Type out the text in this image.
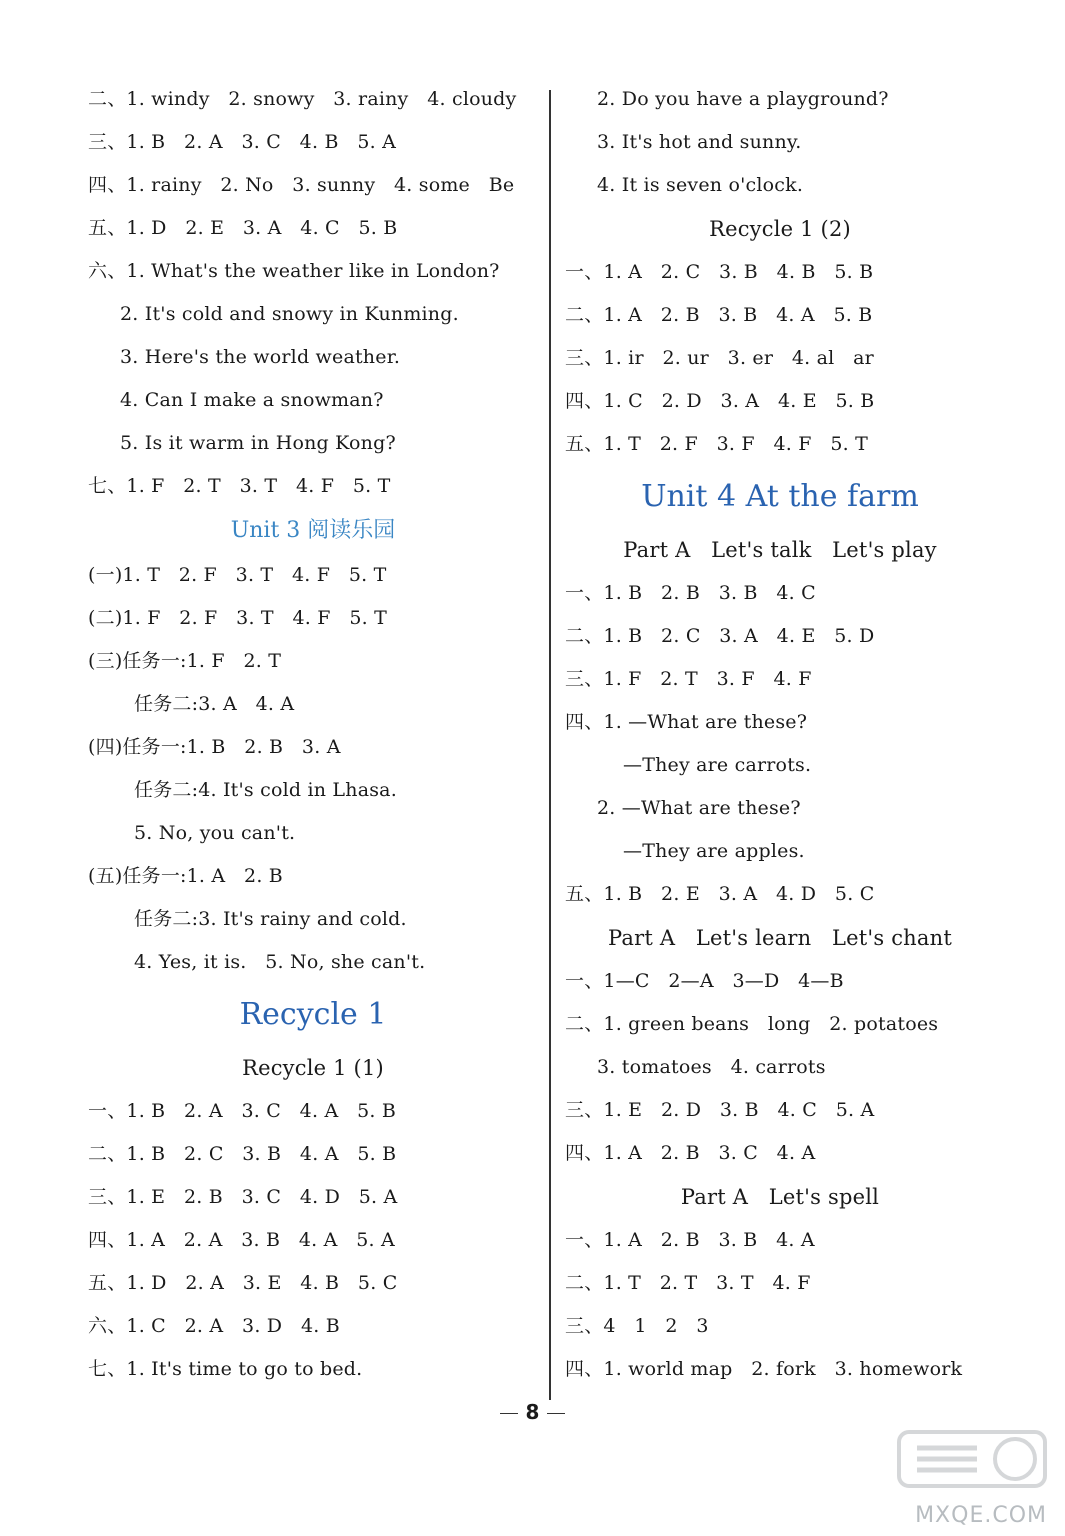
二、1. windy   2. snowy   3. rainy   4. cloudy
三、1. B   2. A   3. C   4. B   5. A
四、1. rainy   2. No   3. sunny   4. some   Be
五、1. D   2. E   3. A   4. C   5. B
六、1. What's the weather like in London?
2. It's cold and snowy in Kunming.
3. Here's the world weather.
4. Can I make a snowman?
5. Is it warm in Hong Kong?
七、1. F   2. T   3. T   4. F   5. T
Unit 3 阅读乐园
(一)1. T   2. F   3. T   4. F   5. T
(二)1. F   2. F   3. T   4. F   5. T
(三)任务一:1. F   2. T
任务二:3. A   4. A
(四)任务一:1. B   2. B   3. A
任务二:4. It's cold in Lhasa.
5. No, you can't.
(五)任务一:1. A   2. B
任务二:3. It's rainy and cold.
4. Yes, it is.   5. No, she can't.
Recycle 1
Recycle 1 (1)
一、1. B   2. A   3. C   4. A   5. B
二、1. B   2. C   3. B   4. A   5. B
三、1. E   2. B   3. C   4. D   5. A
四、1. A   2. A   3. B   4. A   5. A
五、1. D   2. A   3. E   4. B   5. C
六、1. C   2. A   3. D   4. B
七、1. It's time to go to bed.
2. Do you have a playground?
3. It's hot and sunny.
4. It is seven o'clock.
Recycle 1 (2)
一、1. A   2. C   3. B   4. B   5. B
二、1. A   2. B   3. B   4. A   5. B
三、1. ir   2. ur   3. er   4. al   ar
四、1. C   2. D   3. A   4. E   5. B
五、1. T   2. F   3. F   4. F   5. T
Unit 4 At the farm
Part A   Let's talk   Let's play
一、1. B   2. B   3. B   4. C
二、1. B   2. C   3. A   4. E   5. D
三、1. F   2. T   3. F   4. F
四、1. —What are these?
—They are carrots.
2. —What are these?
—They are apples.
五、1. B   2. E   3. A   4. D   5. C
Part A   Let's learn   Let's chant
一、1—C   2—A   3—D   4—B
二、1. green beans   long   2. potatoes
3. tomatoes   4. carrots
三、1. E   2. D   3. B   4. C   5. A
四、1. A   2. B   3. C   4. A
Part A   Let's spell
一、1. A   2. B   3. B   4. A
二、1. T   2. T   3. T   4. F
三、4   1   2   3
四、1. world map   2. fork   3. homework
8
MXQE.COM
